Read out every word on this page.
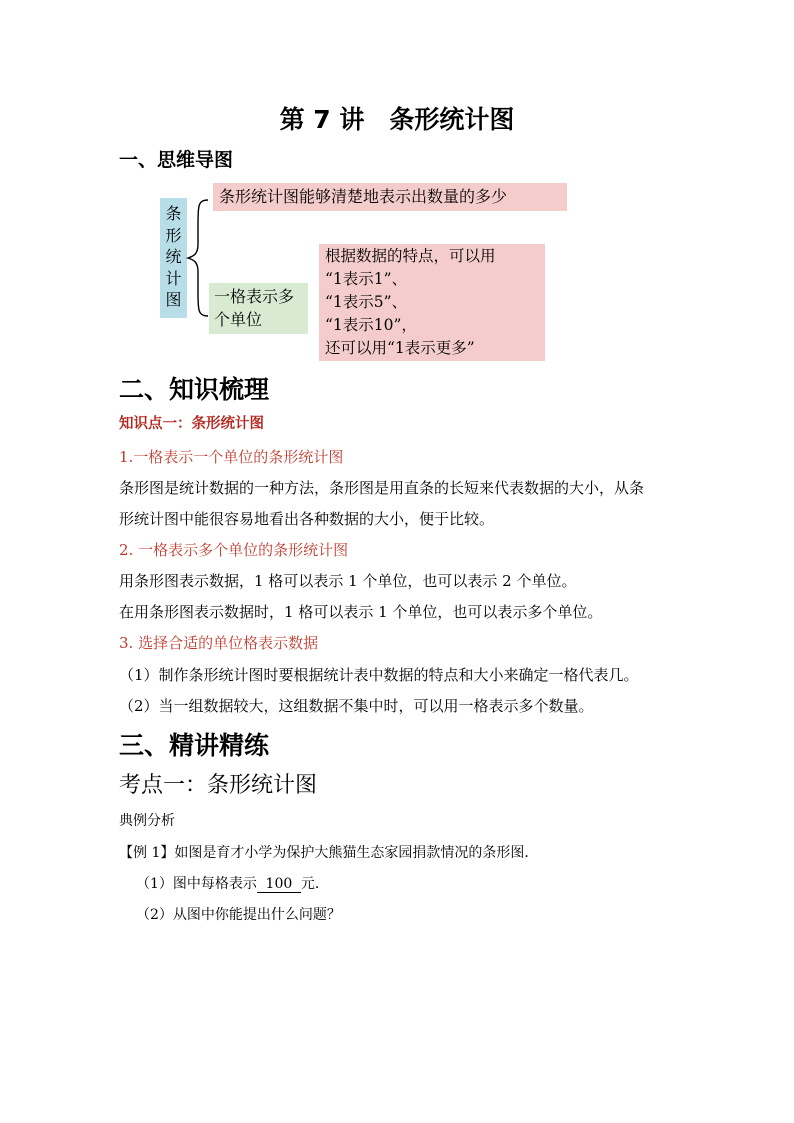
第 7 讲　条形统计图
一、思维导图
条形统计图
条形统计图能够清楚地表示出数量的多少
一格表示多个单位
根据数据的特点，可以用
“1表示1”、
“1表示5”、
“1表示10”，
还可以用“1表示更多”
二、知识梳理
知识点一：条形统计图
1.一格表示一个单位的条形统计图
条形图是统计数据的一种方法，条形图是用直条的长短来代表数据的大小，从条
形统计图中能很容易地看出各种数据的大小，便于比较。
2. 一格表示多个单位的条形统计图
用条形图表示数据，1 格可以表示 1 个单位，也可以表示 2 个单位。
在用条形图表示数据时，1 格可以表示 1 个单位，也可以表示多个单位。
3. 选择合适的单位格表示数据
（1）制作条形统计图时要根据统计表中数据的特点和大小来确定一格代表几。
（2）当一组数据较大，这组数据不集中时，可以用一格表示多个数量。
三、精讲精练
考点一：条形统计图
典例分析
【例 1】如图是育才小学为保护大熊猫生态家园捐款情况的条形图．
（1）图中每格表示 100 元．
（2）从图中你能提出什么问题？
